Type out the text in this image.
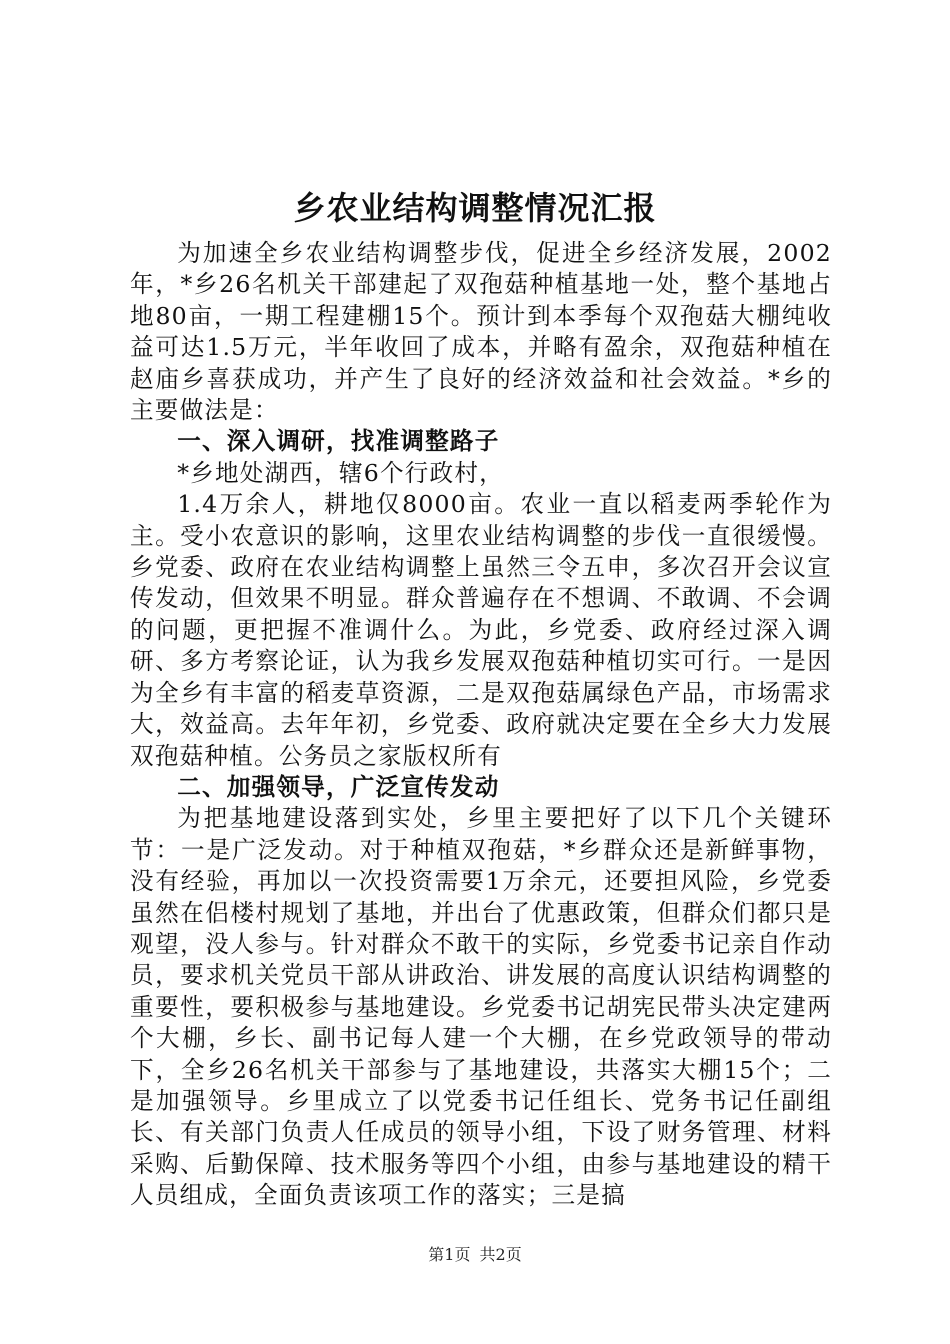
乡农业结构调整情况汇报

为加速全乡农业结构调整步伐，促进全乡经济发展，2002年，*乡26名机关干部建起了双孢菇种植基地一处，整个基地占地80亩，一期工程建棚15个。预计到本季每个双孢菇大棚纯收益可达1.5万元，半年收回了成本，并略有盈余，双孢菇种植在赵庙乡喜获成功，并产生了良好的经济效益和社会效益。*乡的主要做法是：

一、深入调研，找准调整路子

*乡地处湖西，辖6个行政村，

1.4万余人，耕地仅8000亩。农业一直以稻麦两季轮作为主。受小农意识的影响，这里农业结构调整的步伐一直很缓慢。乡党委、政府在农业结构调整上虽然三令五申，多次召开会议宣传发动，但效果不明显。群众普遍存在不想调、不敢调、不会调的问题，更把握不准调什么。为此，乡党委、政府经过深入调研、多方考察论证，认为我乡发展双孢菇种植切实可行。一是因为全乡有丰富的稻麦草资源，二是双孢菇属绿色产品，市场需求大，效益高。去年年初，乡党委、政府就决定要在全乡大力发展双孢菇种植。公务员之家版权所有

二、加强领导，广泛宣传发动

为把基地建设落到实处，乡里主要把好了以下几个关键环节：一是广泛发动。对于种植双孢菇，*乡群众还是新鲜事物，没有经验，再加以一次投资需要1万余元，还要担风险，乡党委虽然在侣楼村规划了基地，并出台了优惠政策，但群众们都只是观望，没人参与。针对群众不敢干的实际，乡党委书记亲自作动员，要求机关党员干部从讲政治、讲发展的高度认识结构调整的重要性，要积极参与基地建设。乡党委书记胡宪民带头决定建两个大棚，乡长、副书记每人建一个大棚，在乡党政领导的带动下，全乡26名机关干部参与了基地建设，共落实大棚15个；二是加强领导。乡里成立了以党委书记任组长、党务书记任副组长、有关部门负责人任成员的领导小组，下设了财务管理、材料采购、后勤保障、技术服务等四个小组，由参与基地建设的精干人员组成，全面负责该项工作的落实；三是搞

第1页 共2页
